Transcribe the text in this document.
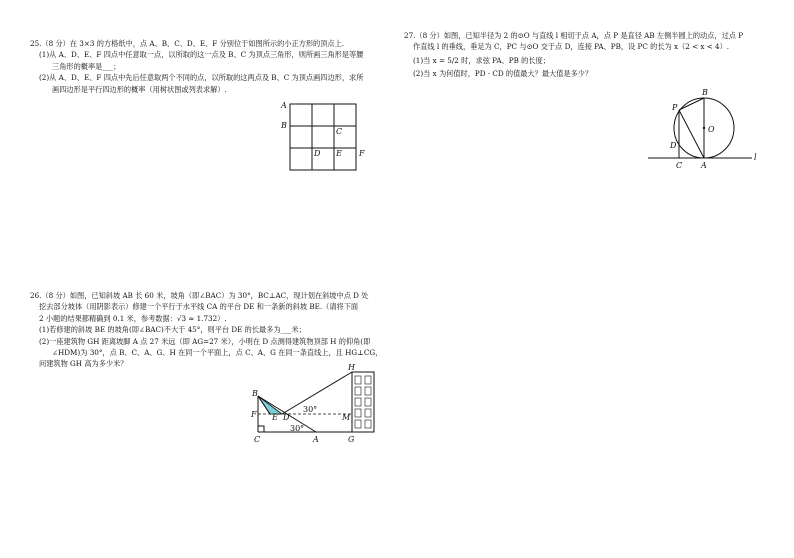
25.（8 分）在 3×3 的方格纸中，点 A、B、C、D、E、F 分别位于如图所示的小正方形的顶点上.
(1)从 A、D、E、F 四点中任意取一点，以所取的这一点及 B、C 为顶点三角形，则所画三角形是等腰
三角形的概率是___；
(2)从 A、D、E、F 四点中先后任意取两个不同的点，以所取的这两点及 B、C 为顶点画四边形，求所
画四边形是平行四边形的概率（用树状图或列表求解）.
A
B
C
D E F
26.（8 分）如图，已知斜坡 AB 长 60 米，坡角（即∠BAC）为 30°，BC⊥AC，现计划在斜坡中点 D 处
挖去部分坡体（用阴影表示）修建一个平行于水平线 CA 的平台 DE 和一条新的斜坡 BE.（请将下面
2 小题的结果都精确到 0.1 米，参考数据：√3 ≈ 1.732）.
(1)若修建的斜坡 BE 的坡角(即∠BAC)不大于 45°，则平台 DE 的长最多为___米；
(2)一座建筑物 GH 距离坡脚 A 点 27 米远（即 AG=27 米），小明在 D 点测得建筑物顶部 H 的仰角(即
∠HDM)为 30°，点 B、C、A、G、H 在同一个平面上，点 C、A、G 在同一条直线上，且 HG⊥CG，
问建筑物 GH 高为多少米？
B
F E D
C	A	G
H
M
30°
30°
27.（8 分）如图，已知半径为 2 的⊙O 与直线 l 相切于点 A，点 P 是直径 AB 左侧半圆上的动点，过点 P
作直线 l 的垂线，垂足为 C，PC 与⊙O 交于点 D，连接 PA、PB，设 PC 的长为 x（2 < x < 4）.
(1)当 x = 5/2 时，求弦 PA、PB 的长度；
(2)当 x 为何值时，PD · CD 的值最大？最大值是多少？
B
P
O
D
C A
l
